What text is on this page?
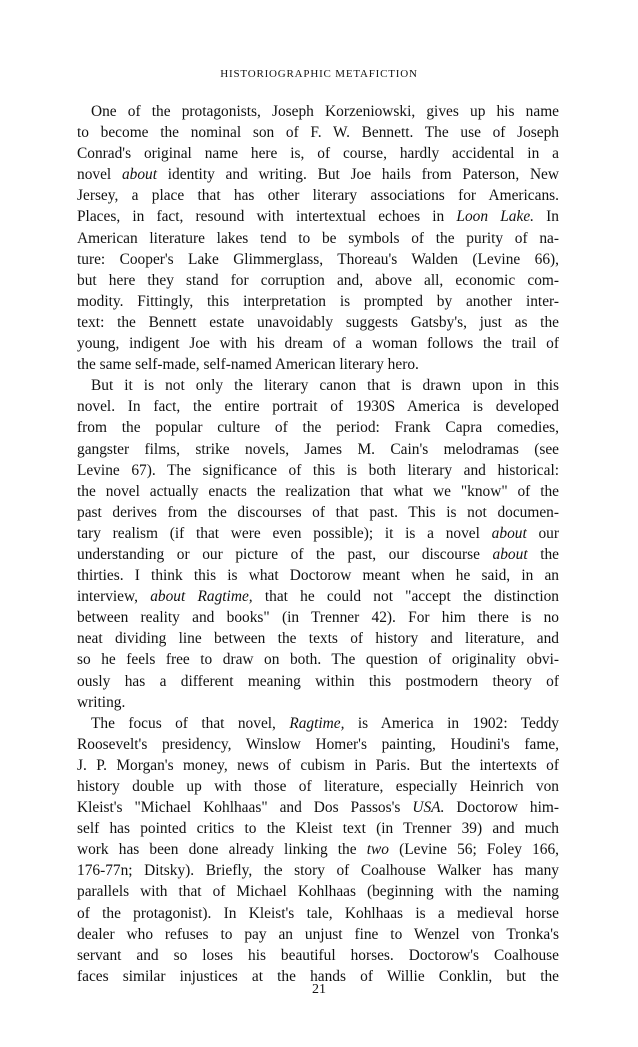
HISTORIOGRAPHIC METAFICTION
One of the protagonists, Joseph Korzeniowski, gives up his name
to become the nominal son of F. W. Bennett. The use of Joseph
Conrad's original name here is, of course, hardly accidental in a
novel about identity and writing. But Joe hails from Paterson, New
Jersey, a place that has other literary associations for Americans.
Places, in fact, resound with intertextual echoes in Loon Lake. In
American literature lakes tend to be symbols of the purity of na-
ture: Cooper's Lake Glimmerglass, Thoreau's Walden (Levine 66),
but here they stand for corruption and, above all, economic com-
modity. Fittingly, this interpretation is prompted by another inter-
text: the Bennett estate unavoidably suggests Gatsby's, just as the
young, indigent Joe with his dream of a woman follows the trail of
the same self-made, self-named American literary hero.
But it is not only the literary canon that is drawn upon in this
novel. In fact, the entire portrait of 1930S America is developed
from the popular culture of the period: Frank Capra comedies,
gangster films, strike novels, James M. Cain's melodramas (see
Levine 67). The significance of this is both literary and historical:
the novel actually enacts the realization that what we "know" of the
past derives from the discourses of that past. This is not documen-
tary realism (if that were even possible); it is a novel about our
understanding or our picture of the past, our discourse about the
thirties. I think this is what Doctorow meant when he said, in an
interview, about Ragtime, that he could not "accept the distinction
between reality and books" (in Trenner 42). For him there is no
neat dividing line between the texts of history and literature, and
so he feels free to draw on both. The question of originality obvi-
ously has a different meaning within this postmodern theory of
writing.
The focus of that novel, Ragtime, is America in 1902: Teddy
Roosevelt's presidency, Winslow Homer's painting, Houdini's fame,
J. P. Morgan's money, news of cubism in Paris. But the intertexts of
history double up with those of literature, especially Heinrich von
Kleist's "Michael Kohlhaas" and Dos Passos's USA. Doctorow him-
self has pointed critics to the Kleist text (in Trenner 39) and much
work has been done already linking the two (Levine 56; Foley 166,
176-77n; Ditsky). Briefly, the story of Coalhouse Walker has many
parallels with that of Michael Kohlhaas (beginning with the naming
of the protagonist). In Kleist's tale, Kohlhaas is a medieval horse
dealer who refuses to pay an unjust fine to Wenzel von Tronka's
servant and so loses his beautiful horses. Doctorow's Coalhouse
faces similar injustices at the hands of Willie Conklin, but the
21
